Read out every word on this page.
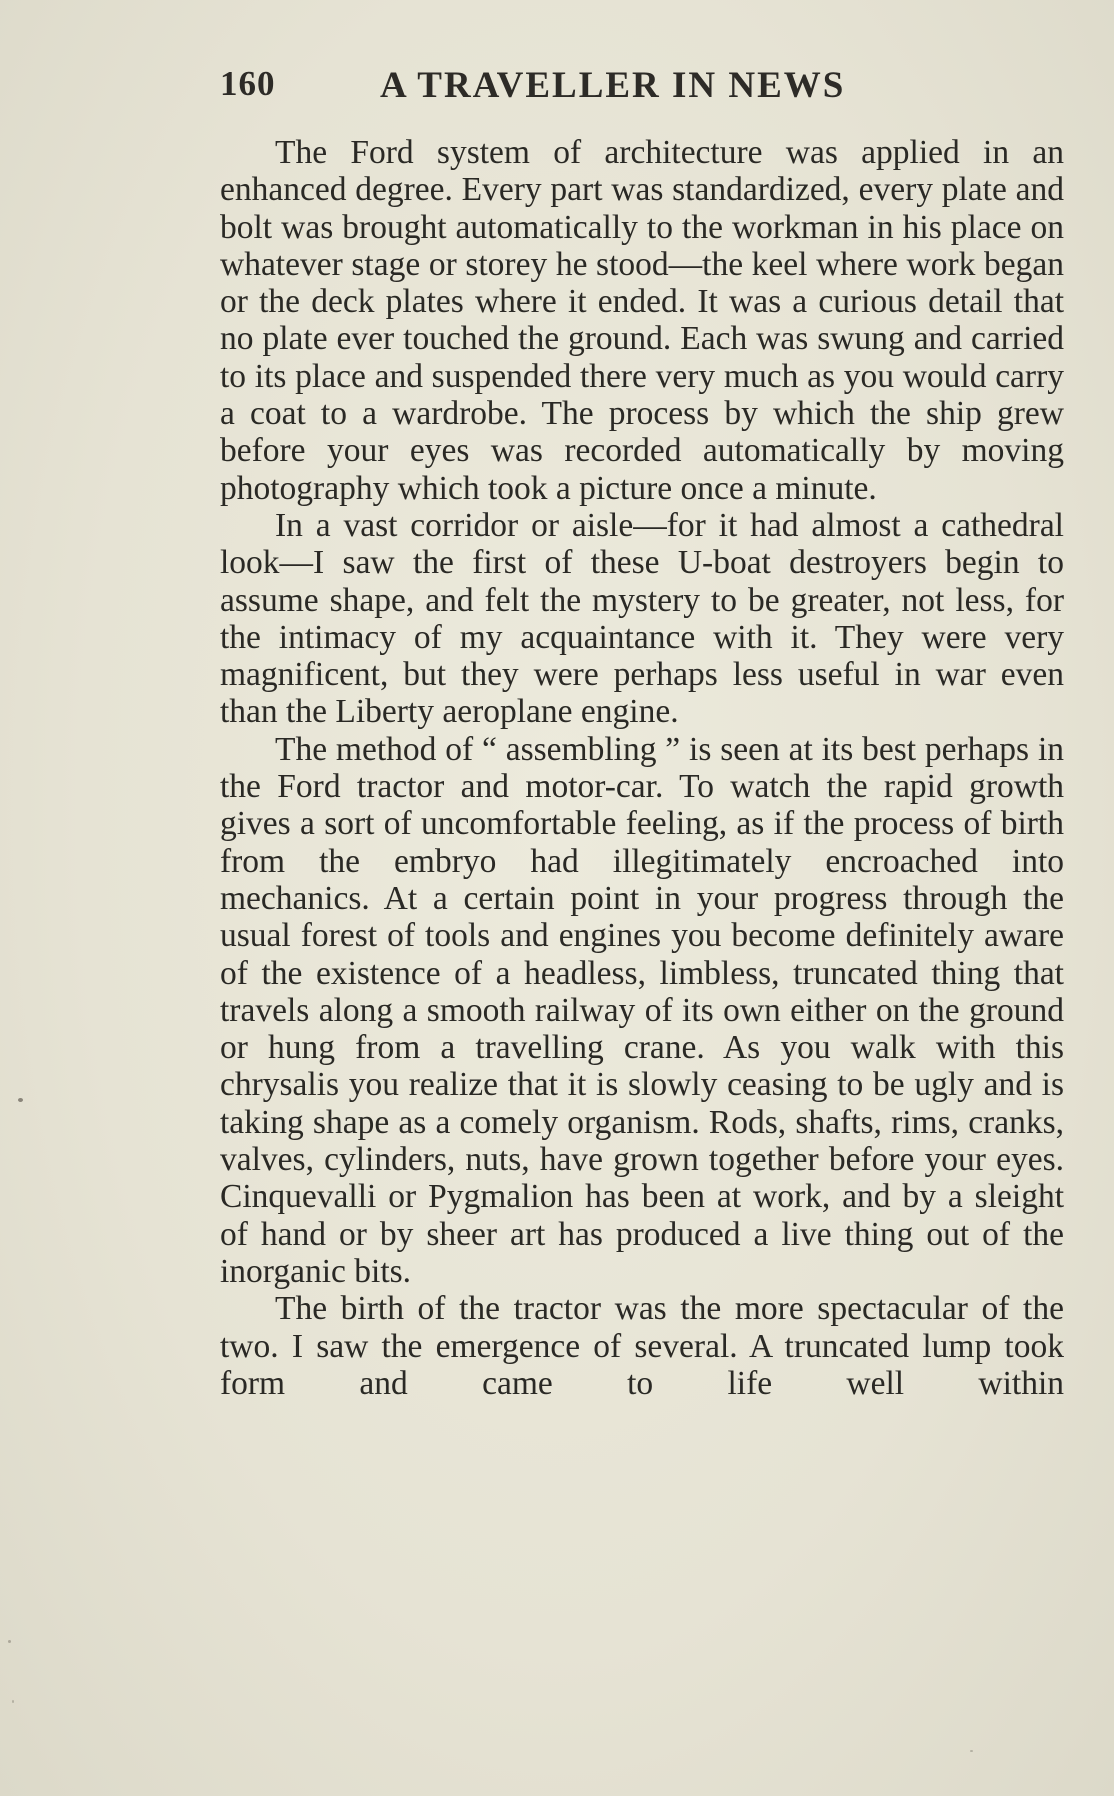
160	A TRAVELLER IN NEWS

The Ford system of architecture was applied in an enhanced degree. Every part was standardized, every plate and bolt was brought automatically to the workman in his place on whatever stage or storey he stood—the keel where work began or the deck plates where it ended. It was a curious detail that no plate ever touched the ground. Each was swung and carried to its place and suspended there very much as you would carry a coat to a wardrobe. The process by which the ship grew before your eyes was recorded automatically by moving photography which took a picture once a minute.

In a vast corridor or aisle—for it had almost a cathedral look—I saw the first of these U-boat destroyers begin to assume shape, and felt the mystery to be greater, not less, for the intimacy of my acquaintance with it. They were very magnificent, but they were perhaps less useful in war even than the Liberty aeroplane engine.

The method of “ assembling ” is seen at its best perhaps in the Ford tractor and motor-car. To watch the rapid growth gives a sort of uncomfortable feeling, as if the process of birth from the embryo had illegitimately encroached into mechanics. At a certain point in your progress through the usual forest of tools and engines you become definitely aware of the existence of a headless, limbless, truncated thing that travels along a smooth railway of its own either on the ground or hung from a travelling crane. As you walk with this chrysalis you realize that it is slowly ceasing to be ugly and is taking shape as a comely organism. Rods, shafts, rims, cranks, valves, cylinders, nuts, have grown together before your eyes. Cinquevalli or Pygmalion has been at work, and by a sleight of hand or by sheer art has produced a live thing out of the inorganic bits.

The birth of the tractor was the more spectacular of the two. I saw the emergence of several. A truncated lump took form and came to life well within
